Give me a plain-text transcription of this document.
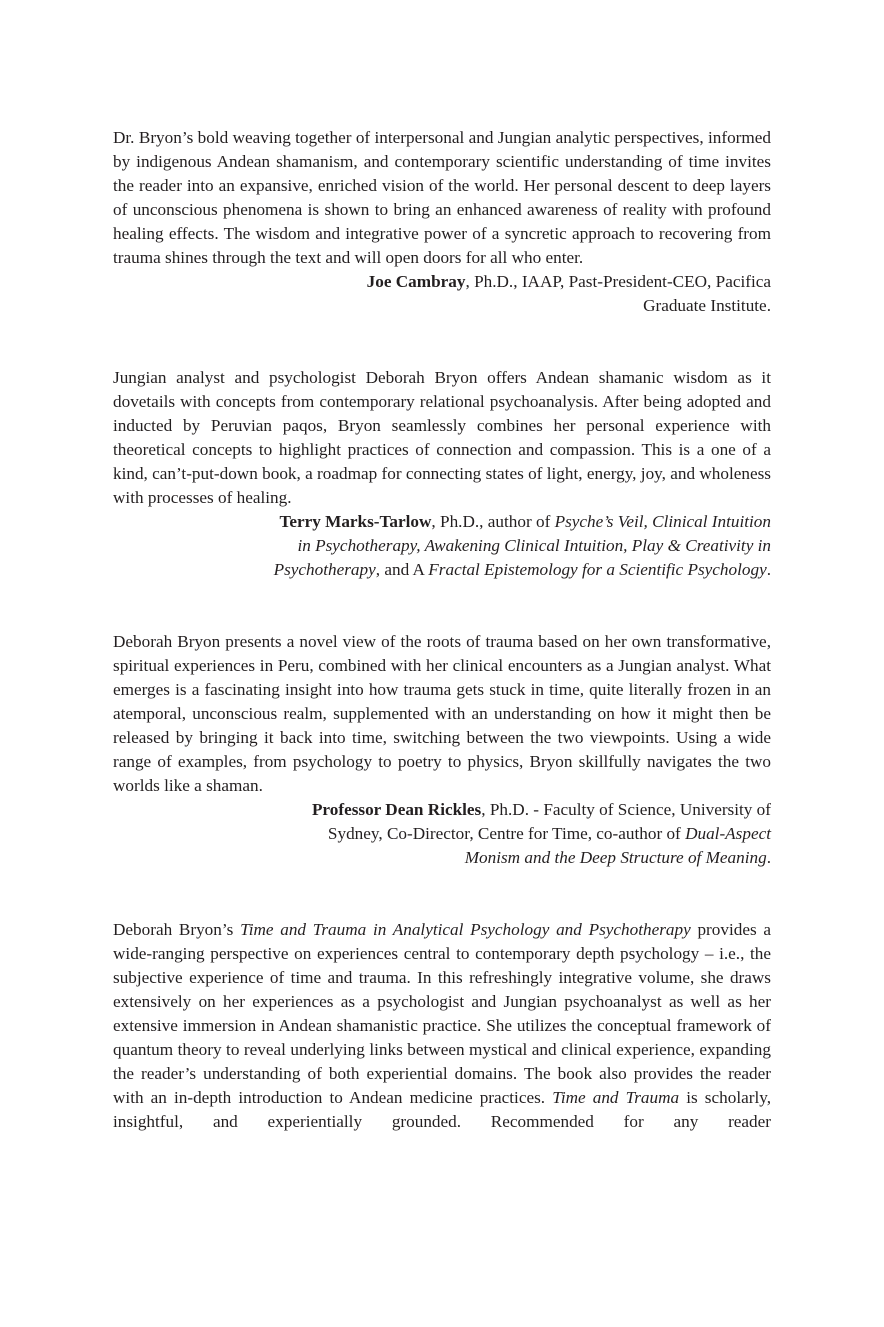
Dr. Bryon’s bold weaving together of interpersonal and Jungian analytic perspectives, informed by indigenous Andean shamanism, and contemporary scientific understanding of time invites the reader into an expansive, enriched vision of the world. Her personal descent to deep layers of unconscious phenomena is shown to bring an enhanced awareness of reality with profound healing effects. The wisdom and integrative power of a syncretic approach to recovering from trauma shines through the text and will open doors for all who enter.

Joe Cambray, Ph.D., IAAP, Past-President-CEO, Pacifica
Graduate Institute.

Jungian analyst and psychologist Deborah Bryon offers Andean shamanic wisdom as it dovetails with concepts from contemporary relational psychoanalysis. After being adopted and inducted by Peruvian paqos, Bryon seamlessly combines her personal experience with theoretical concepts to highlight practices of connection and compassion. This is a one of a kind, can’t-put-down book, a roadmap for connecting states of light, energy, joy, and wholeness with processes of healing.

Terry Marks-Tarlow, Ph.D., author of Psyche’s Veil, Clinical Intuition
in Psychotherapy, Awakening Clinical Intuition, Play & Creativity in
Psychotherapy, and A Fractal Epistemology for a Scientific Psychology.

Deborah Bryon presents a novel view of the roots of trauma based on her own transformative, spiritual experiences in Peru, combined with her clinical encounters as a Jungian analyst. What emerges is a fascinating insight into how trauma gets stuck in time, quite literally frozen in an atemporal, unconscious realm, supplemented with an understanding on how it might then be released by bringing it back into time, switching between the two viewpoints. Using a wide range of examples, from psychology to poetry to physics, Bryon skillfully navigates the two worlds like a shaman.

Professor Dean Rickles, Ph.D. - Faculty of Science, University of
Sydney, Co-Director, Centre for Time, co-author of Dual-Aspect
Monism and the Deep Structure of Meaning.

Deborah Bryon’s Time and Trauma in Analytical Psychology and Psychotherapy provides a wide-ranging perspective on experiences central to contemporary depth psychology – i.e., the subjective experience of time and trauma. In this refreshingly integrative volume, she draws extensively on her experiences as a psychologist and Jungian psychoanalyst as well as her extensive immersion in Andean shamanistic practice. She utilizes the conceptual framework of quantum theory to reveal underlying links between mystical and clinical experience, expanding the reader’s understanding of both experiential domains. The book also provides the reader with an in-depth introduction to Andean medicine practices. Time and Trauma is scholarly, insightful, and experientially grounded. Recommended for any reader
